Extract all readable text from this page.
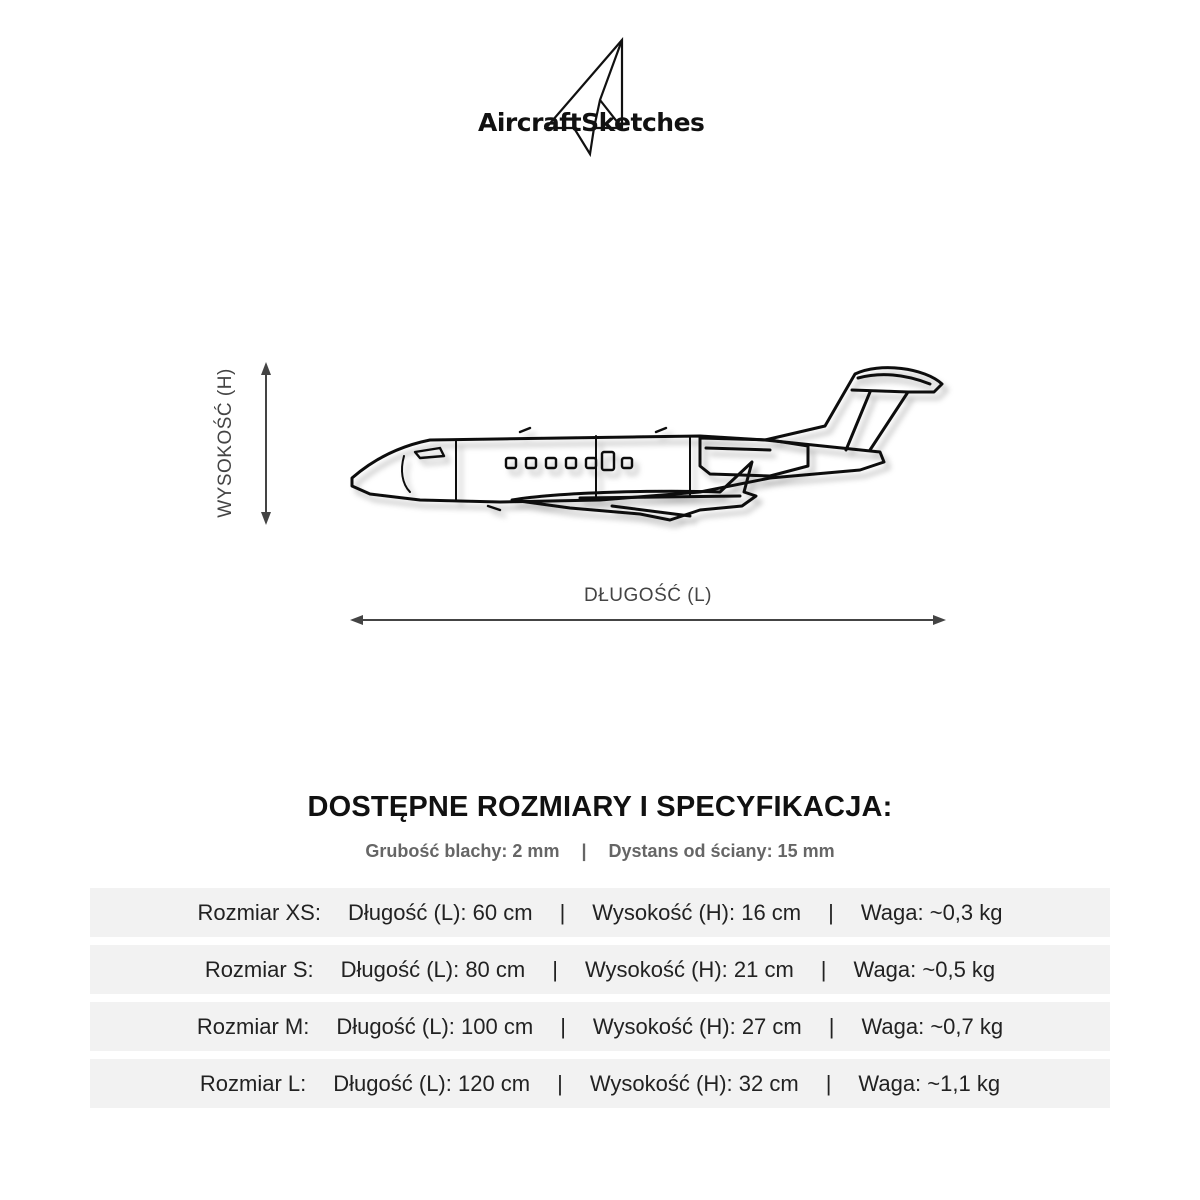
AircraftSketches
WYSOKOŚĆ (H)
DŁUGOŚĆ (L)
DOSTĘPNE ROZMIARY I SPECYFIKACJA:
Grubość blachy: 2 mm | Dystans od ściany: 15 mm
Rozmiar XS: Długość (L): 60 cm | Wysokość (H): 16 cm | Waga: ~0,3 kg
Rozmiar S: Długość (L): 80 cm | Wysokość (H): 21 cm | Waga: ~0,5 kg
Rozmiar M: Długość (L): 100 cm | Wysokość (H): 27 cm | Waga: ~0,7 kg
Rozmiar L: Długość (L): 120 cm | Wysokość (H): 32 cm | Waga: ~1,1 kg
